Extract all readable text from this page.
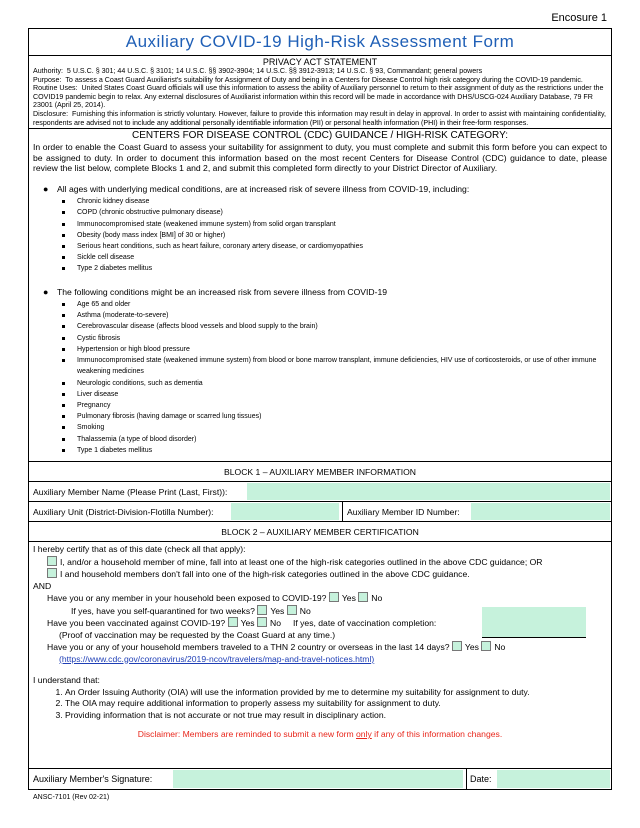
Encosure 1
Auxiliary COVID-19 High-Risk Assessment Form
PRIVACY ACT STATEMENT
Authority: 5 U.S.C. § 301; 44 U.S.C. § 3101; 14 U.S.C. §§ 3902-3904; 14 U.S.C. §§ 3912-3913; 14 U.S.C. § 93, Commandant; general powers
Purpose: To assess a Coast Guard Auxiliarist's suitability for Assignment of Duty and being in a Centers for Disease Control high risk category during the COVID-19 pandemic.
Routine Uses: United States Coast Guard officials will use this information to assess the ability of Auxiliary personnel to return to their assignment of duty as the restrictions under the COVID19 pandemic begin to relax. Any external disclosures of Auxiliarist information within this record will be made in accordance with DHS/USCG-024 Auxiliary Database, 79 FR 23001 (April 25, 2014).
Disclosure: Furnishing this information is strictly voluntary. However, failure to provide this information may result in delay in approval. In order to assist with maintaining confidentiality, respondents are advised not to include any additional personally identifiable information (PII) or personal health information (PHI) in their free-form responses.
CENTERS FOR DISEASE CONTROL (CDC) GUIDANCE / HIGH-RISK CATEGORY:

In order to enable the Coast Guard to assess your suitability for assignment to duty, you must complete and submit this form before you can expect to be assigned to duty. In order to document this information based on the most recent Centers for Disease Control (CDC) guidance to date, please review the list below, complete Blocks 1 and 2, and submit this completed form directly to your District Director of Auxiliary.

● All ages with underlying medical conditions, are at increased risk of severe illness from COVID-19, including:
Chronic kidney disease
COPD (chronic obstructive pulmonary disease)
Immunocompromised state (weakened immune system) from solid organ transplant
Obesity (body mass index [BMI] of 30 or higher)
Serious heart conditions, such as heart failure, coronary artery disease, or cardiomyopathies
Sickle cell disease
Type 2 diabetes mellitus
● The following conditions might be an increased risk from severe illness from COVID-19
Age 65 and older
Asthma (moderate-to-severe)
Cerebrovascular disease (affects blood vessels and blood supply to the brain)
Cystic fibrosis
Hypertension or high blood pressure
Immunocompromised state (weakened immune system) from blood or bone marrow transplant, immune deficiencies, HIV use of corticosteroids, or use of other immune weakening medicines
Neurologic conditions, such as dementia
Liver disease
Pregnancy
Pulmonary fibrosis (having damage or scarred lung tissues)
Smoking
Thalassemia (a type of blood disorder)
Type 1 diabetes mellitus
BLOCK 1 – AUXILIARY MEMBER INFORMATION
Auxiliary Member Name (Please Print (Last, First)):
Auxiliary Unit (District-Division-Flotilla Number):	Auxiliary Member ID Number:
BLOCK 2 – AUXILIARY MEMBER CERTIFICATION
I hereby certify that as of this date (check all that apply):
I, and/or a household member of mine, fall into at least one of the high-risk categories outlined in the above CDC guidance; OR
I and household members don't fall into one of the high-risk categories outlined in the above CDC guidance.
AND
Have you or any member in your household been exposed to COVID-19? Yes No
If yes, have you self-quarantined for two weeks? Yes No
Have you been vaccinated against COVID-19? Yes No If yes, date of vaccination completion:
(Proof of vaccination may be requested by the Coast Guard at any time.)
Have you or any of your household members traveled to a THN 2 country or overseas in the last 14 days? Yes No
(https://www.cdc.gov/coronavirus/2019-ncov/travelers/map-and-travel-notices.html)
I understand that:
1. An Order Issuing Authority (OIA) will use the information provided by me to determine my suitability for assignment to duty.
2. The OIA may require additional information to properly assess my suitability for assignment to duty.
3. Providing information that is not accurate or not true may result in disciplinary action.
Disclaimer: Members are reminded to submit a new form only if any of this information changes.
Auxiliary Member's Signature:	Date:
ANSC-7101 (Rev 02-21)
